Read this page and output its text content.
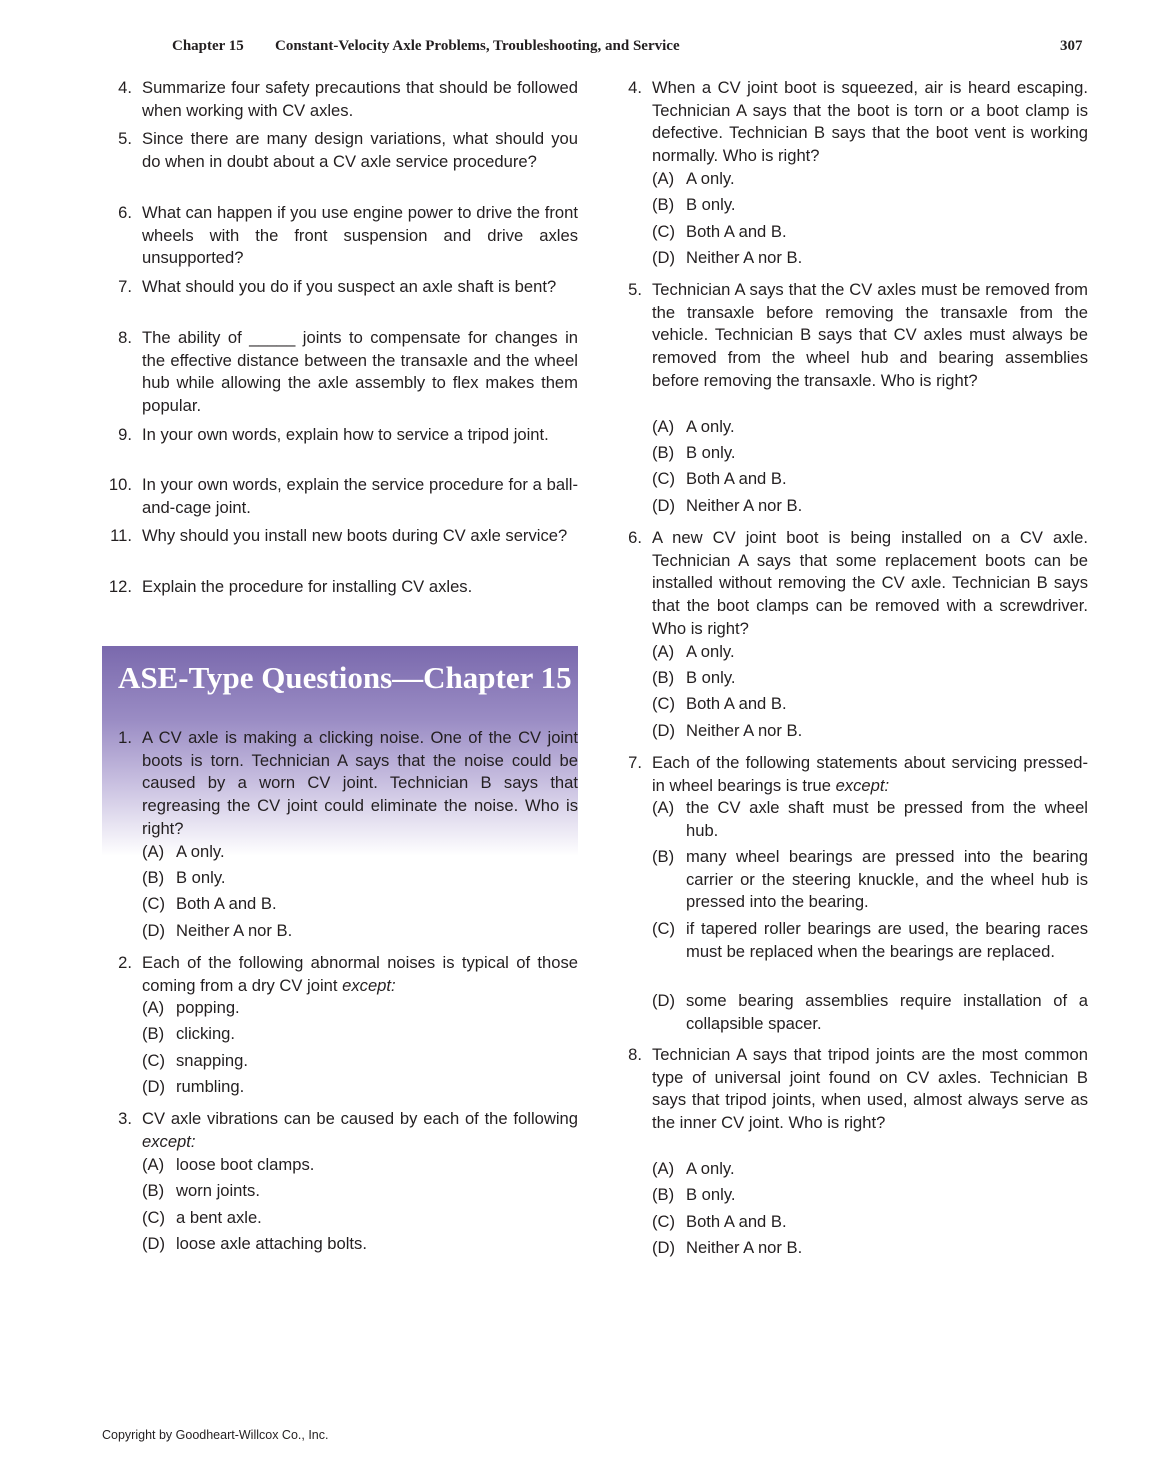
Chapter 15 Constant-Velocity Axle Problems, Troubleshooting, and Service	307
ASE-Type Questions—Chapter 15
4. Summarize four safety precautions that should be followed when working with CV axles.
5. Since there are many design variations, what should you do when in doubt about a CV axle service procedure?
6. What can happen if you use engine power to drive the front wheels with the front suspension and drive axles unsupported?
7. What should you do if you suspect an axle shaft is bent?
8. The ability of _____ joints to compensate for changes in the effective distance between the transaxle and the wheel hub while allowing the axle assembly to flex makes them popular.
9. In your own words, explain how to service a tripod joint.
10. In your own words, explain the service procedure for a ball-and-cage joint.
11. Why should you install new boots during CV axle service?
12. Explain the procedure for installing CV axles.
1. A CV axle is making a clicking noise. One of the CV joint boots is torn. Technician A says that the noise could be caused by a worn CV joint. Technician B says that regreasing the CV joint could eliminate the noise. Who is right?
(A) A only.
(B) B only.
(C) Both A and B.
(D) Neither A nor B.
2. Each of the following abnormal noises is typical of those coming from a dry CV joint except:
(A) popping.
(B) clicking.
(C) snapping.
(D) rumbling.
3. CV axle vibrations can be caused by each of the following except:
(A) loose boot clamps.
(B) worn joints.
(C) a bent axle.
(D) loose axle attaching bolts.
4. When a CV joint boot is squeezed, air is heard escaping. Technician A says that the boot is torn or a boot clamp is defective. Technician B says that the boot vent is working normally. Who is right?
(A) A only.
(B) B only.
(C) Both A and B.
(D) Neither A nor B.
5. Technician A says that the CV axles must be removed from the transaxle before removing the transaxle from the vehicle. Technician B says that CV axles must always be removed from the wheel hub and bearing assemblies before removing the transaxle. Who is right?
(A) A only.
(B) B only.
(C) Both A and B.
(D) Neither A nor B.
6. A new CV joint boot is being installed on a CV axle. Technician A says that some replacement boots can be installed without removing the CV axle. Technician B says that the boot clamps can be removed with a screwdriver. Who is right?
(A) A only.
(B) B only.
(C) Both A and B.
(D) Neither A nor B.
7. Each of the following statements about servicing pressed-in wheel bearings is true except:
(A) the CV axle shaft must be pressed from the wheel hub.
(B) many wheel bearings are pressed into the bearing carrier or the steering knuckle, and the wheel hub is pressed into the bearing.
(C) if tapered roller bearings are used, the bearing races must be replaced when the bearings are replaced.
(D) some bearing assemblies require installation of a collapsible spacer.
8. Technician A says that tripod joints are the most common type of universal joint found on CV axles. Technician B says that tripod joints, when used, almost always serve as the inner CV joint. Who is right?
(A) A only.
(B) B only.
(C) Both A and B.
(D) Neither A nor B.
Copyright by Goodheart-Willcox Co., Inc.
